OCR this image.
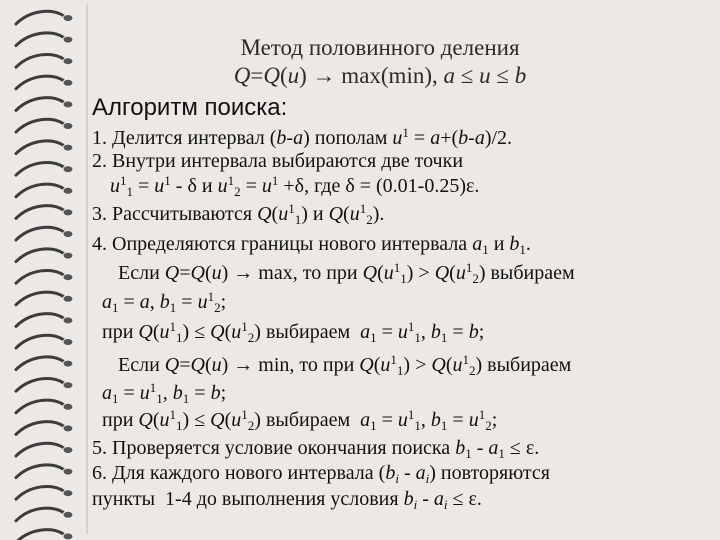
Метод половинного деления
Q=Q(u) → max(min), a ≤ u ≤ b
Алгоритм поиска:
1. Делится интервал (b-a) пополам $u^1 = a+(b-a)/2$.
2. Внутри интервала выбираются две точки
$u^1_1 = u^1 - \delta$ и $u^1_2 = u^1 +\delta$, где δ = (0.01-0.25)ε.
3. Рассчитываются $Q(u^1_1)$ и $Q(u^1_2)$.
4. Определяются границы нового интервала $a_1$ и $b_1$.
Если Q=Q(u) → max, то при $Q(u^1_1) > Q(u^1_2)$ выбираем
$a_1 = a$, $b_1 = u^1_2$;
при $Q(u^1_1) \le Q(u^1_2)$ выбираем  $a_1 = u^1_1$, $b_1 = b$;
Если Q=Q(u) → min, то при $Q(u^1_1) > Q(u^1_2)$ выбираем
$a_1 = u^1_1$, $b_1 = b$;
при $Q(u^1_1) \le Q(u^1_2)$ выбираем  $a_1 = u^1_1$, $b_1 = u^1_2$;
5. Проверяется условие окончания поиска $b_1 - a_1 \le \varepsilon$.
6. Для каждого нового интервала $(b_i - a_i)$ повторяются
пункты  1-4 до выполнения условия $b_i - a_i \le \varepsilon$.
